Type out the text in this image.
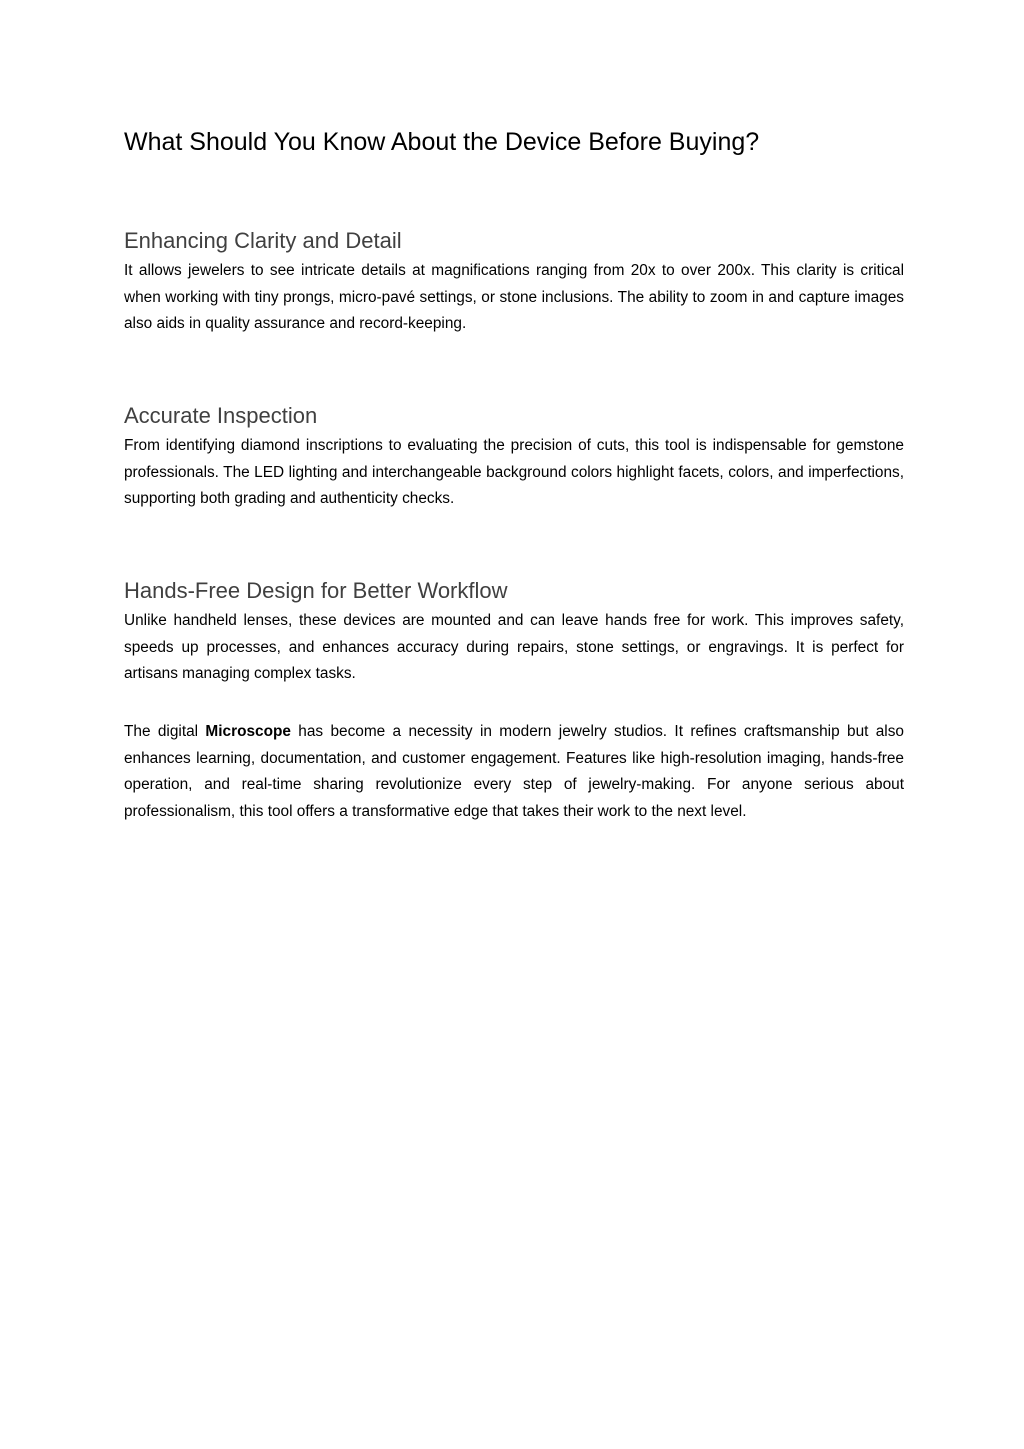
What Should You Know About the Device Before Buying?
Enhancing Clarity and Detail

It allows jewelers to see intricate details at magnifications ranging from 20x to over 200x. This clarity is critical when working with tiny prongs, micro-pavé settings, or stone inclusions. The ability to zoom in and capture images also aids in quality assurance and record-keeping.

Accurate Inspection

From identifying diamond inscriptions to evaluating the precision of cuts, this tool is indispensable for gemstone professionals. The LED lighting and interchangeable background colors highlight facets, colors, and imperfections, supporting both grading and authenticity checks.

Hands-Free Design for Better Workflow

Unlike handheld lenses, these devices are mounted and can leave hands free for work. This improves safety, speeds up processes, and enhances accuracy during repairs, stone settings, or engravings. It is perfect for artisans managing complex tasks.

The digital Microscope has become a necessity in modern jewelry studios. It refines craftsmanship but also enhances learning, documentation, and customer engagement. Features like high-resolution imaging, hands-free operation, and real-time sharing revolutionize every step of jewelry-making. For anyone serious about professionalism, this tool offers a transformative edge that takes their work to the next level.
